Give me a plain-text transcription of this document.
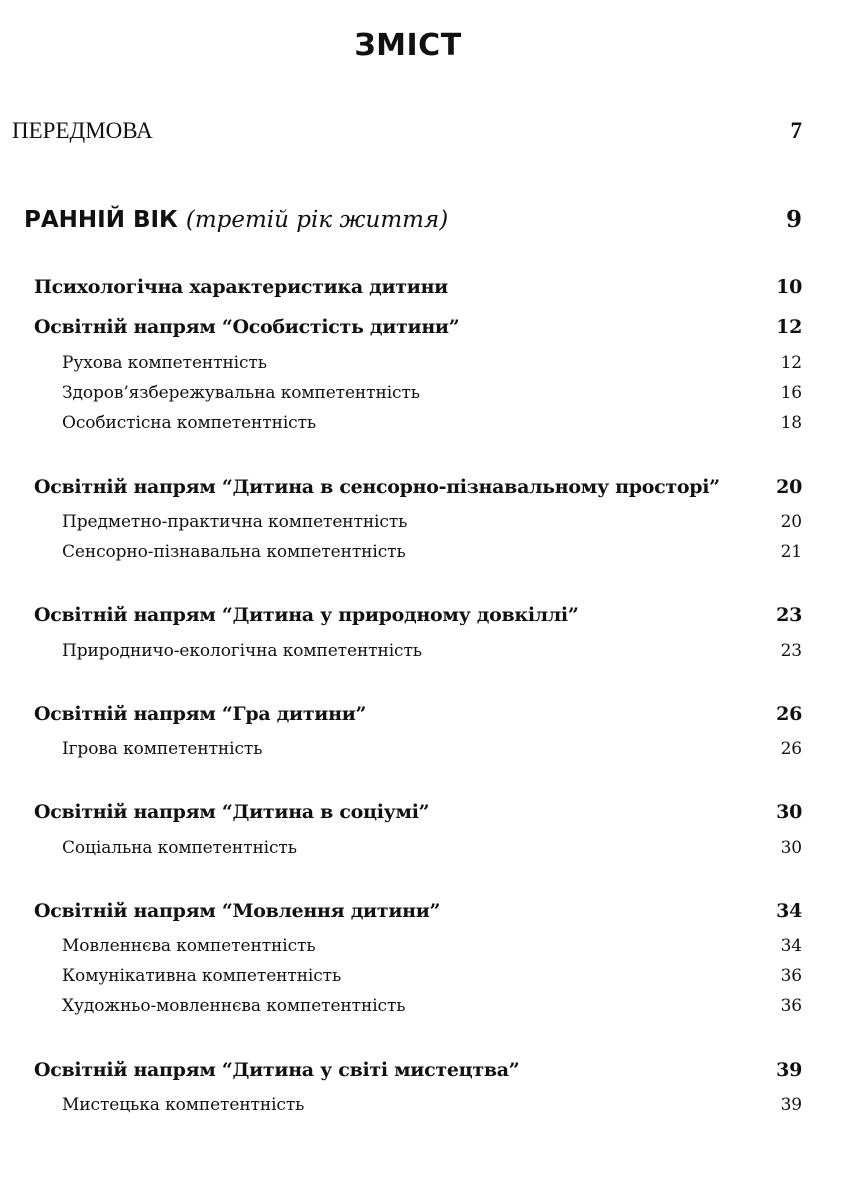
ЗМІСТ
ПЕРЕДМОВА	7
РАННІЙ ВІК (третій рік життя)	9
Психологічна характеристика дитини	10
Освітній напрям “Особистість дитини”	12
Рухова компетентність	12
Здоров’язбережувальна компетентність	16
Особистісна компетентність	18
Освітній напрям “Дитина в сенсорно-пізнавальному просторі”	20
Предметно-практична компетентність	20
Сенсорно-пізнавальна компетентність	21
Освітній напрям “Дитина у природному довкіллі”	23
Природничо-екологічна компетентність	23
Освітній напрям “Гра дитини”	26
Ігрова компетентність	26
Освітній напрям “Дитина в соціумі”	30
Соціальна компетентність	30
Освітній напрям “Мовлення дитини”	34
Мовленнєва компетентність	34
Комунікативна компетентність	36
Художньо-мовленнєва компетентність	36
Освітній напрям “Дитина у світі мистецтва”	39
Мистецька компетентність	39
